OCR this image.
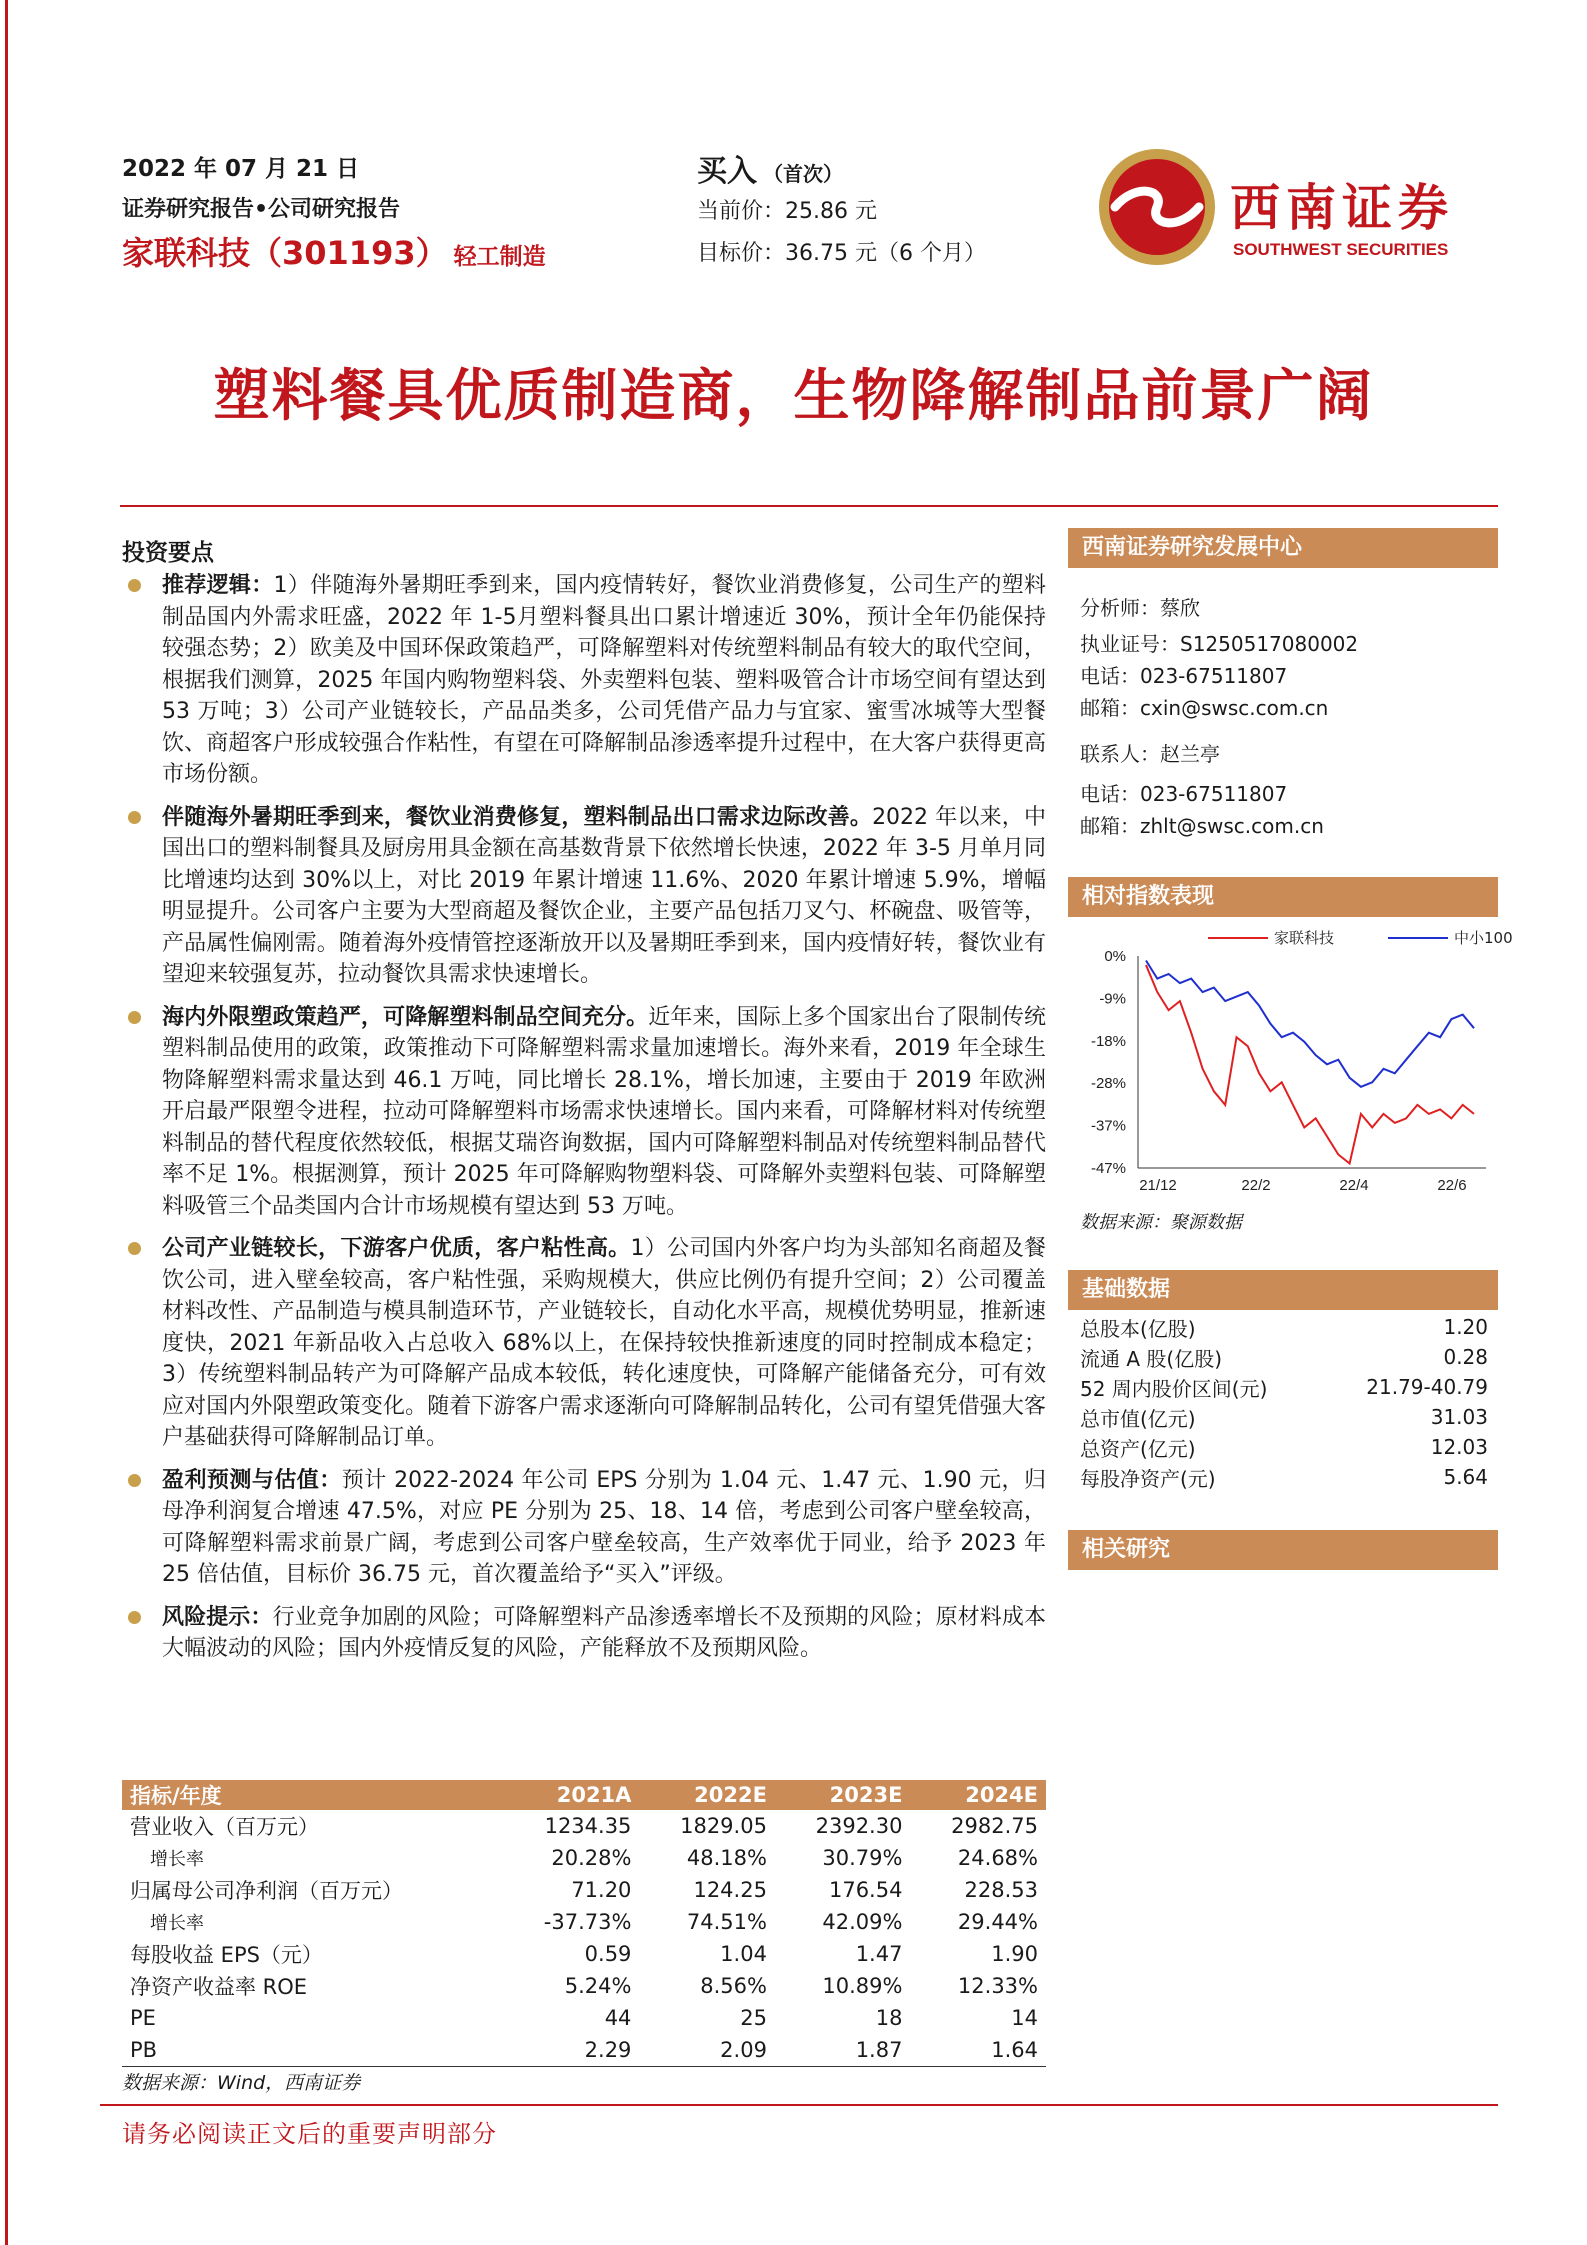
2022 年 07 月 21 日
证券研究报告•公司研究报告
家联科技（301193） 轻工制造
买入 （首次）
当前价：25.86 元
目标价：36.75 元（6 个月）
西南证券
SOUTHWEST SECURITIES
塑料餐具优质制造商，生物降解制品前景广阔
投资要点
推荐逻辑：1）伴随海外暑期旺季到来，国内疫情转好，餐饮业消费修复，公司生产的塑料制品国内外需求旺盛，2022 年 1-5月塑料餐具出口累计增速近 30%，预计全年仍能保持较强态势；2）欧美及中国环保政策趋严，可降解塑料对传统塑料制品有较大的取代空间，根据我们测算，2025 年国内购物塑料袋、外卖塑料包装、塑料吸管合计市场空间有望达到 53 万吨；3）公司产业链较长，产品品类多，公司凭借产品力与宜家、蜜雪冰城等大型餐饮、商超客户形成较强合作粘性，有望在可降解制品渗透率提升过程中，在大客户获得更高市场份额。
伴随海外暑期旺季到来，餐饮业消费修复，塑料制品出口需求边际改善。2022 年以来，中国出口的塑料制餐具及厨房用具金额在高基数背景下依然增长快速，2022 年 3-5 月单月同比增速均达到 30%以上，对比 2019 年累计增速 11.6%、2020 年累计增速 5.9%，增幅明显提升。公司客户主要为大型商超及餐饮企业，主要产品包括刀叉勺、杯碗盘、吸管等，产品属性偏刚需。随着海外疫情管控逐渐放开以及暑期旺季到来，国内疫情好转，餐饮业有望迎来较强复苏，拉动餐饮具需求快速增长。
海内外限塑政策趋严，可降解塑料制品空间充分。近年来，国际上多个国家出台了限制传统塑料制品使用的政策，政策推动下可降解塑料需求量加速增长。海外来看，2019 年全球生物降解塑料需求量达到 46.1 万吨，同比增长 28.1%，增长加速，主要由于 2019 年欧洲开启最严限塑令进程，拉动可降解塑料市场需求快速增长。国内来看，可降解材料对传统塑料制品的替代程度依然较低，根据艾瑞咨询数据，国内可降解塑料制品对传统塑料制品替代率不足 1%。根据测算，预计 2025 年可降解购物塑料袋、可降解外卖塑料包装、可降解塑料吸管三个品类国内合计市场规模有望达到 53 万吨。
公司产业链较长，下游客户优质，客户粘性高。1）公司国内外客户均为头部知名商超及餐饮公司，进入壁垒较高，客户粘性强，采购规模大，供应比例仍有提升空间；2）公司覆盖材料改性、产品制造与模具制造环节，产业链较长，自动化水平高，规模优势明显，推新速度快，2021 年新品收入占总收入 68%以上，在保持较快推新速度的同时控制成本稳定；3）传统塑料制品转产为可降解产品成本较低，转化速度快，可降解产能储备充分，可有效应对国内外限塑政策变化。随着下游客户需求逐渐向可降解制品转化，公司有望凭借强大客户基础获得可降解制品订单。
盈利预测与估值：预计 2022-2024 年公司 EPS 分别为 1.04 元、1.47 元、1.90 元，归母净利润复合增速 47.5%，对应 PE 分别为 25、18、14 倍，考虑到公司客户壁垒较高，可降解塑料需求前景广阔，考虑到公司客户壁垒较高，生产效率优于同业，给予 2023 年 25 倍估值，目标价 36.75 元，首次覆盖给予“买入”评级。
风险提示：行业竞争加剧的风险；可降解塑料产品渗透率增长不及预期的风险；原材料成本大幅波动的风险；国内外疫情反复的风险，产能释放不及预期风险。
指标/年度	2021A	2022E	2023E	2024E
营业收入（百万元）	1234.35	1829.05	2392.30	2982.75
增长率	20.28%	48.18%	30.79%	24.68%
归属母公司净利润（百万元）	71.20	124.25	176.54	228.53
增长率	-37.73%	74.51%	42.09%	29.44%
每股收益 EPS（元）	0.59	1.04	1.47	1.90
净资产收益率 ROE	5.24%	8.56%	10.89%	12.33%
PE	44	25	18	14
PB	2.29	2.09	1.87	1.64
数据来源：Wind，西南证券
请务必阅读正文后的重要声明部分
西南证券研究发展中心
分析师：蔡欣
执业证号：S1250517080002
电话：023-67511807
邮箱：cxin@swsc.com.cn
联系人：赵兰亭
电话：023-67511807
邮箱：zhlt@swsc.com.cn
相对指数表现
0%
-9%
-18%
-28%
-37%
-47%
21/12	22/2	22/4	22/6
家联科技	中小100
数据来源：聚源数据
基础数据
总股本(亿股)	1.20
流通 A 股(亿股)	0.28
52 周内股价区间(元)	21.79-40.79
总市值(亿元)	31.03
总资产(亿元)	12.03
每股净资产(元)	5.64
相关研究
